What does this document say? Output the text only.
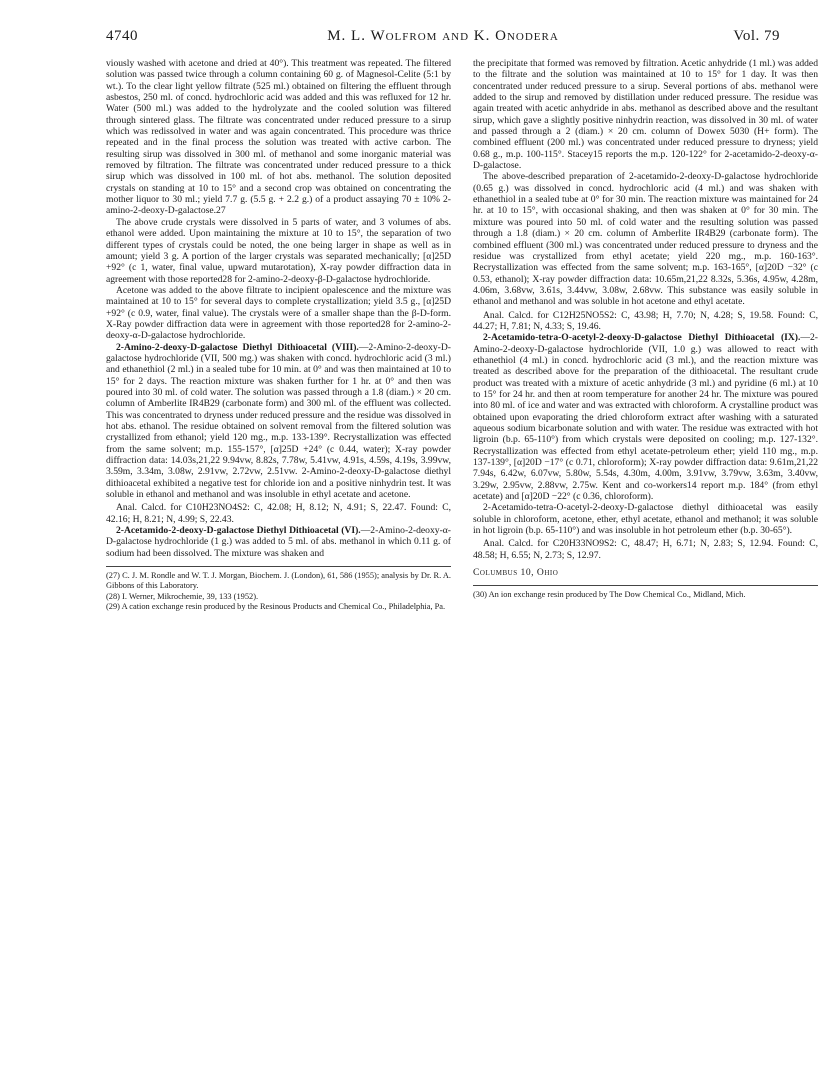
4740	M. L. Wolfrom and K. Onodera	Vol. 79

viously washed with acetone and dried at 40°). This treatment was repeated. The filtered solution was passed twice through a column containing 60 g. of Magnesol-Celite (5:1 by wt.). To the clear light yellow filtrate (525 ml.) obtained on filtering the effluent through asbestos, 250 ml. of concd. hydrochloric acid was added and this was refluxed for 12 hr. Water (500 ml.) was added to the hydrolyzate and the cooled solution was filtered through sintered glass. The filtrate was concentrated under reduced pressure to a sirup which was redissolved in water and was again concentrated. This procedure was thrice repeated and in the final process the solution was treated with active carbon. The resulting sirup was dissolved in 300 ml. of methanol and some inorganic material was removed by filtration. The filtrate was concentrated under reduced pressure to a thick sirup which was dissolved in 100 ml. of hot abs. methanol. The solution deposited crystals on standing at 10 to 15° and a second crop was obtained on concentrating the mother liquor to 30 ml.; yield 7.7 g. (5.5 g. + 2.2 g.) of a product assaying 70 ± 10% 2-amino-2-deoxy-D-galactose.27

The above crude crystals were dissolved in 5 parts of water, and 3 volumes of abs. ethanol were added. Upon maintaining the mixture at 10 to 15°, the separation of two different types of crystals could be noted, the one being larger in shape as well as in amount; yield 3 g. A portion of the larger crystals was separated mechanically; [α]25D +92° (c 1, water, final value, upward mutarotation), X-ray powder diffraction data in agreement with those reported28 for 2-amino-2-deoxy-β-D-galactose hydrochloride.

Acetone was added to the above filtrate to incipient opalescence and the mixture was maintained at 10 to 15° for several days to complete crystallization; yield 3.5 g., [α]25D +92° (c 0.9, water, final value). The crystals were of a smaller shape than the β-D-form. X-Ray powder diffraction data were in agreement with those reported28 for 2-amino-2-deoxy-α-D-galactose hydrochloride.

2-Amino-2-deoxy-D-galactose Diethyl Dithioacetal (VIII).—2-Amino-2-deoxy-D-galactose hydrochloride (VII, 500 mg.) was shaken with concd. hydrochloric acid (3 ml.) and ethanethiol (2 ml.) in a sealed tube for 10 min. at 0° and was then maintained at 10 to 15° for 2 days. The reaction mixture was shaken further for 1 hr. at 0° and then was poured into 30 ml. of cold water. The solution was passed through a 1.8 (diam.) × 20 cm. column of Amberlite IR4B29 (carbonate form) and 300 ml. of the effluent was collected. This was concentrated to dryness under reduced pressure and the residue was dissolved in hot abs. ethanol. The residue obtained on solvent removal from the filtered solution was crystallized from ethanol; yield 120 mg., m.p. 133-139°. Recrystallization was effected from the same solvent; m.p. 155-157°, [α]25D +24° (c 0.44, water); X-ray powder diffraction data: 14.03s,21,22 9.94vw, 8.82s, 7.78w, 5.41vw, 4.91s, 4.59s, 4.19s, 3.99vw, 3.59m, 3.34m, 3.08w, 2.91vw, 2.72vw, 2.51vw. 2-Amino-2-deoxy-D-galactose diethyl dithioacetal exhibited a negative test for chloride ion and a positive ninhydrin test. It was soluble in ethanol and methanol and was insoluble in ethyl acetate and acetone.

Anal. Calcd. for C10H23NO4S2: C, 42.08; H, 8.12; N, 4.91; S, 22.47. Found: C, 42.16; H, 8.21; N, 4.99; S, 22.43.

2-Acetamido-2-deoxy-D-galactose Diethyl Dithioacetal (VI).—2-Amino-2-deoxy-α-D-galactose hydrochloride (1 g.) was added to 5 ml. of abs. methanol in which 0.11 g. of sodium had been dissolved. The mixture was shaken and

(27) C. J. M. Rondle and W. T. J. Morgan, Biochem. J. (London), 61, 586 (1955); analysis by Dr. R. A. Gibbons of this Laboratory.

(28) I. Werner, Mikrochemie, 39, 133 (1952).

(29) A cation exchange resin produced by the Resinous Products and Chemical Co., Philadelphia, Pa.

the precipitate that formed was removed by filtration. Acetic anhydride (1 ml.) was added to the filtrate and the solution was maintained at 10 to 15° for 1 day. It was then concentrated under reduced pressure to a sirup. Several portions of abs. methanol were added to the sirup and removed by distillation under reduced pressure. The residue was again treated with acetic anhydride in abs. methanol as described above and the resultant sirup, which gave a slightly positive ninhydrin reaction, was dissolved in 30 ml. of water and passed through a 2 (diam.) × 20 cm. column of Dowex 5030 (H+ form). The combined effluent (200 ml.) was concentrated under reduced pressure to dryness; yield 0.68 g., m.p. 100-115°. Stacey15 reports the m.p. 120-122° for 2-acetamido-2-deoxy-α-D-galactose.

The above-described preparation of 2-acetamido-2-deoxy-D-galactose hydrochloride (0.65 g.) was dissolved in concd. hydrochloric acid (4 ml.) and was shaken with ethanethiol in a sealed tube at 0° for 30 min. The reaction mixture was maintained for 24 hr. at 10 to 15°, with occasional shaking, and then was shaken at 0° for 30 min. The mixture was poured into 50 ml. of cold water and the resulting solution was passed through a 1.8 (diam.) × 20 cm. column of Amberlite IR4B29 (carbonate form). The combined effluent (300 ml.) was concentrated under reduced pressure to dryness and the residue was crystallized from ethyl acetate; yield 220 mg., m.p. 160-163°. Recrystallization was effected from the same solvent; m.p. 163-165°, [α]20D −32° (c 0.53, ethanol); X-ray powder diffraction data: 10.65m,21,22 8.32s, 5.36s, 4.95w, 4.28m, 4.06m, 3.68vw, 3.61s, 3.44vw, 3.08w, 2.68vw. This substance was easily soluble in ethanol and methanol and was soluble in hot acetone and ethyl acetate.

Anal. Calcd. for C12H25NO5S2: C, 43.98; H, 7.70; N, 4.28; S, 19.58. Found: C, 44.27; H, 7.81; N, 4.33; S, 19.46.

2-Acetamido-tetra-O-acetyl-2-deoxy-D-galactose Diethyl Dithioacetal (IX).—2-Amino-2-deoxy-D-galactose hydrochloride (VII, 1.0 g.) was allowed to react with ethanethiol (4 ml.) in concd. hydrochloric acid (3 ml.), and the reaction mixture was treated as described above for the preparation of the dithioacetal. The resultant crude product was treated with a mixture of acetic anhydride (3 ml.) and pyridine (6 ml.) at 10 to 15° for 24 hr. and then at room temperature for another 24 hr. The mixture was poured into 80 ml. of ice and water and was extracted with chloroform. A crystalline product was obtained upon evaporating the dried chloroform extract after washing with a saturated aqueous sodium bicarbonate solution and with water. The residue was extracted with hot ligroin (b.p. 65-110°) from which crystals were deposited on cooling; m.p. 127-132°. Recrystallization was effected from ethyl acetate-petroleum ether; yield 110 mg., m.p. 137-139°, [α]20D −17° (c 0.71, chloroform); X-ray powder diffraction data: 9.61m,21,22 7.94s, 6.42w, 6.07vw, 5.80w, 5.54s, 4.30m, 4.00m, 3.91vw, 3.79vw, 3.63m, 3.40vw, 3.29w, 2.95vw, 2.88vw, 2.75w. Kent and co-workers14 report m.p. 184° (from ethyl acetate) and [α]20D −22° (c 0.36, chloroform).

2-Acetamido-tetra-O-acetyl-2-deoxy-D-galactose diethyl dithioacetal was easily soluble in chloroform, acetone, ether, ethyl acetate, ethanol and methanol; it was soluble in hot ligroin (b.p. 65-110°) and was insoluble in hot petroleum ether (b.p. 30-65°).

Anal. Calcd. for C20H33NO9S2: C, 48.47; H, 6.71; N, 2.83; S, 12.94. Found: C, 48.58; H, 6.55; N, 2.73; S, 12.97.

Columbus 10, Ohio

(30) An ion exchange resin produced by The Dow Chemical Co., Midland, Mich.
